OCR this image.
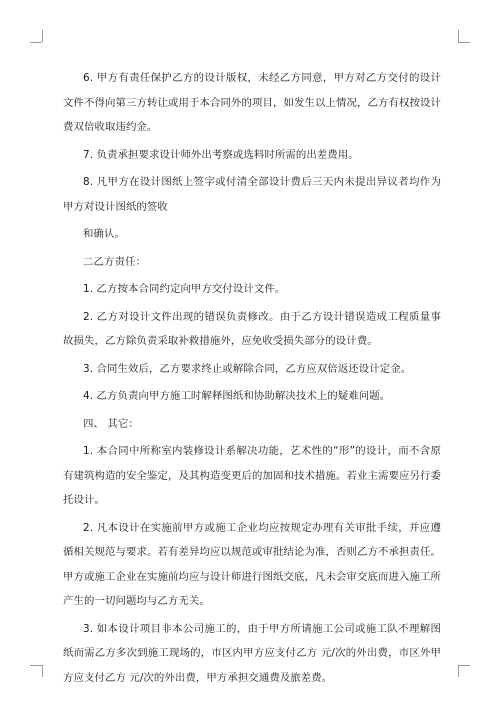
6. 甲方有责任保护乙方的设计版权，未经乙方同意，甲方对乙方交付的设计文件不得向第三方转让或用于本合同外的项目，如发生以上情况，乙方有权按设计费双倍收取违约金。

7. 负责承担要求设计师外出考察或选料时所需的出差费用。

8. 凡甲方在设计图纸上签字或付清全部设计费后三天内未提出异议者均作为甲方对设计图纸的签收

和确认。

二乙方责任：

1. 乙方按本合同约定向甲方交付设计文件。

2. 乙方对设计文件出现的错误负责修改。由于乙方设计错误造成工程质量事故损失，乙方除负责采取补救措施外，应免收受损失部分的设计费。

3. 合同生效后，乙方要求终止或解除合同，乙方应双倍返还设计定金。

4. 乙方负责向甲方施工时解释图纸和协助解决技术上的疑难问题。

四、 其它：

1. 本合同中所称室内装修设计系解决功能，艺术性的“形”的设计，而不含原有建筑构造的安全鉴定，及其构造变更后的加固和技术措施。若业主需要应另行委托设计。

2. 凡本设计在实施前甲方或施工企业均应按规定办理有关审批手续，并应遵循相关规范与要求。若有差异均应以规范或审批结论为准，否则乙方不承担责任。 甲方或施工企业在实施前均应与设计师进行图纸交底，凡未会审交底而进入施工所产生的一切问题均与乙方无关。

3. 如本设计项目非本公司施工的，由于甲方所请施工公司或施工队不理解图纸而需乙方多次到施工现场的，市区内甲方应支付乙方 元/次的外出费，市区外甲方应支付乙方 元/次的外出费，甲方承担交通费及旅差费。
